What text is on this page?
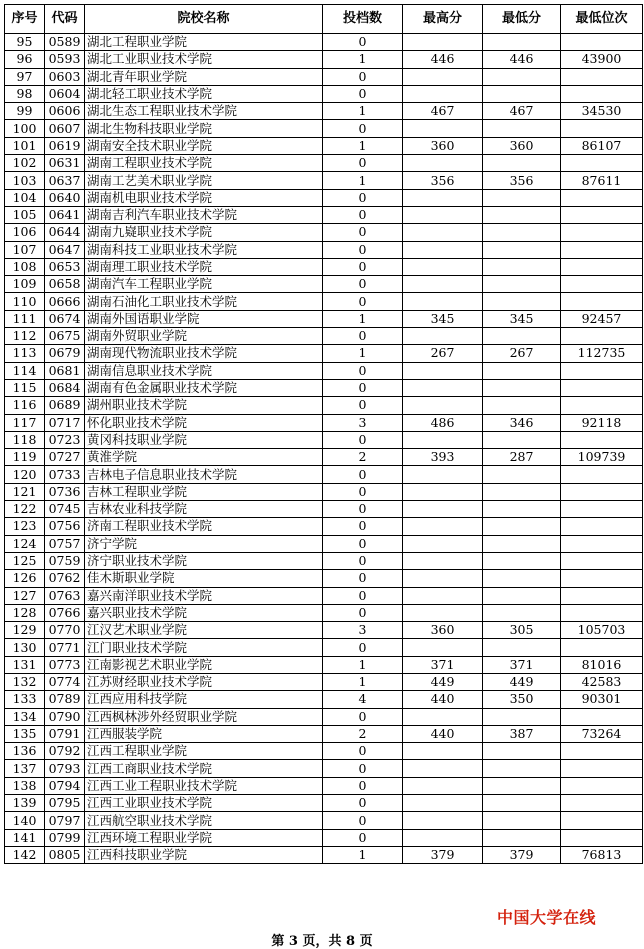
序号	代码	院校名称	投档数	最高分	最低分	最低位次
95	0589	湖北工程职业学院	0			
96	0593	湖北工业职业技术学院	1	446	446	43900
97	0603	湖北青年职业学院	0			
98	0604	湖北轻工职业技术学院	0			
99	0606	湖北生态工程职业技术学院	1	467	467	34530
100	0607	湖北生物科技职业学院	0			
101	0619	湖南安全技术职业学院	1	360	360	86107
102	0631	湖南工程职业技术学院	0			
103	0637	湖南工艺美术职业学院	1	356	356	87611
104	0640	湖南机电职业技术学院	0			
105	0641	湖南吉利汽车职业技术学院	0			
106	0644	湖南九嶷职业技术学院	0			
107	0647	湖南科技工业职业技术学院	0			
108	0653	湖南理工职业技术学院	0			
109	0658	湖南汽车工程职业学院	0			
110	0666	湖南石油化工职业技术学院	0			
111	0674	湖南外国语职业学院	1	345	345	92457
112	0675	湖南外贸职业学院	0			
113	0679	湖南现代物流职业技术学院	1	267	267	112735
114	0681	湖南信息职业技术学院	0			
115	0684	湖南有色金属职业技术学院	0			
116	0689	湖州职业技术学院	0			
117	0717	怀化职业技术学院	3	486	346	92118
118	0723	黄冈科技职业学院	0			
119	0727	黄淮学院	2	393	287	109739
120	0733	吉林电子信息职业技术学院	0			
121	0736	吉林工程职业学院	0			
122	0745	吉林农业科技学院	0			
123	0756	济南工程职业技术学院	0			
124	0757	济宁学院	0			
125	0759	济宁职业技术学院	0			
126	0762	佳木斯职业学院	0			
127	0763	嘉兴南洋职业技术学院	0			
128	0766	嘉兴职业技术学院	0			
129	0770	江汉艺术职业学院	3	360	305	105703
130	0771	江门职业技术学院	0			
131	0773	江南影视艺术职业学院	1	371	371	81016
132	0774	江苏财经职业技术学院	1	449	449	42583
133	0789	江西应用科技学院	4	440	350	90301
134	0790	江西枫林涉外经贸职业学院	0			
135	0791	江西服装学院	2	440	387	73264
136	0792	江西工程职业学院	0			
137	0793	江西工商职业技术学院	0			
138	0794	江西工业工程职业技术学院	0			
139	0795	江西工业职业技术学院	0			
140	0797	江西航空职业技术学院	0			
141	0799	江西环境工程职业学院	0			
142	0805	江西科技职业学院	1	379	379	76813
第 3 页，共 8 页
中国大学在线
